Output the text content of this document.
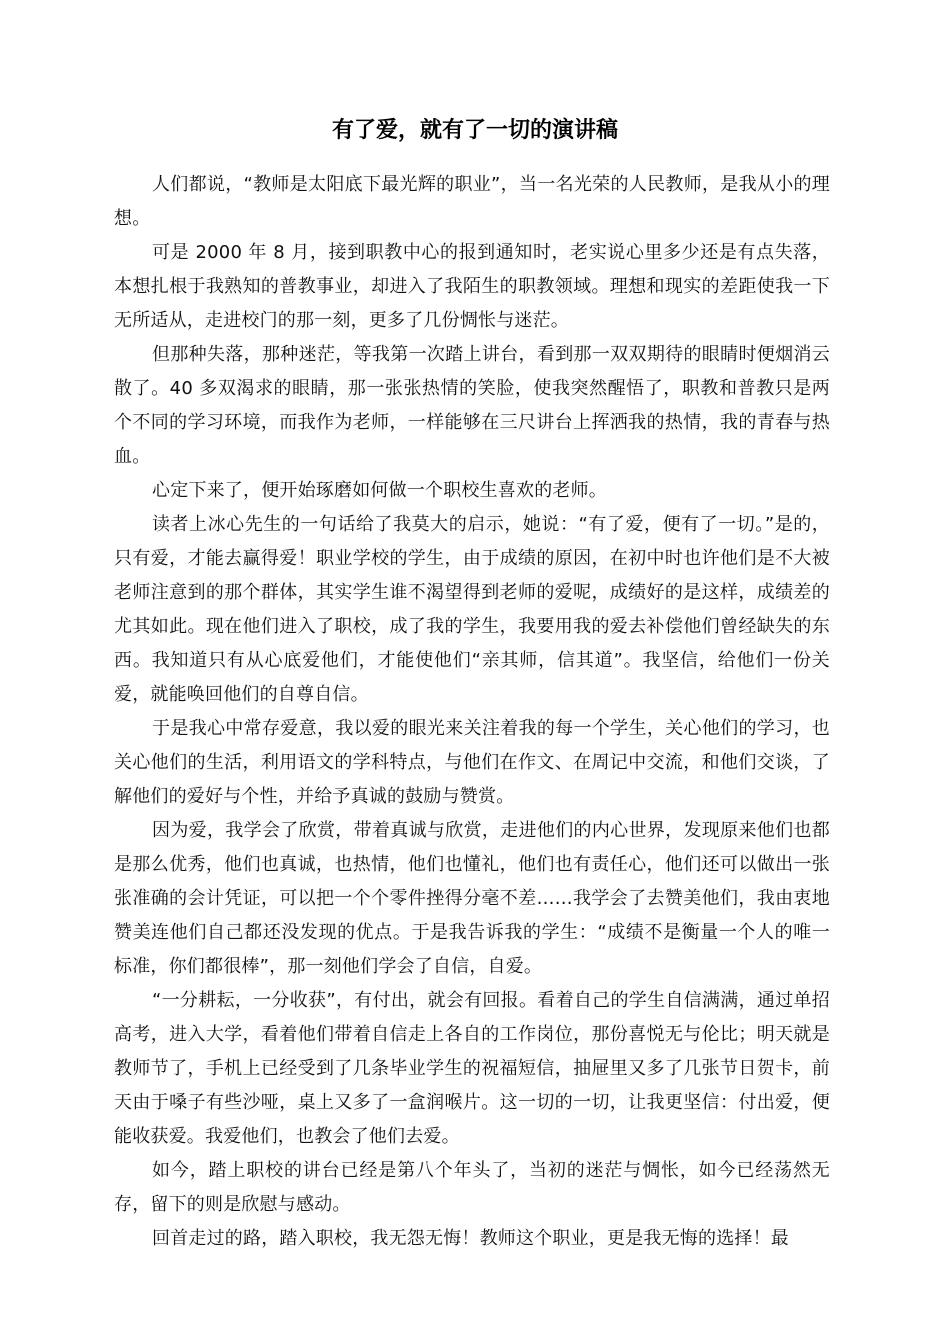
有了爱，就有了一切的演讲稿

人们都说，“教师是太阳底下最光辉的职业”，当一名光荣的人民教师，是我从小的理想。

可是 2000 年 8 月，接到职教中心的报到通知时，老实说心里多少还是有点失落，本想扎根于我熟知的普教事业，却进入了我陌生的职教领域。理想和现实的差距使我一下无所适从，走进校门的那一刻，更多了几份惆怅与迷茫。

但那种失落，那种迷茫，等我第一次踏上讲台，看到那一双双期待的眼睛时便烟消云散了。40 多双渴求的眼睛，那一张张热情的笑脸，使我突然醒悟了，职教和普教只是两个不同的学习环境，而我作为老师，一样能够在三尺讲台上挥洒我的热情，我的青春与热血。

心定下来了，便开始琢磨如何做一个职校生喜欢的老师。

读者上冰心先生的一句话给了我莫大的启示，她说：“有了爱，便有了一切。”是的，只有爱，才能去赢得爱！职业学校的学生，由于成绩的原因，在初中时也许他们是不大被老师注意到的那个群体，其实学生谁不渴望得到老师的爱呢，成绩好的是这样，成绩差的尤其如此。现在他们进入了职校，成了我的学生，我要用我的爱去补偿他们曾经缺失的东西。我知道只有从心底爱他们，才能使他们“亲其师，信其道”。我坚信，给他们一份关爱，就能唤回他们的自尊自信。

于是我心中常存爱意，我以爱的眼光来关注着我的每一个学生，关心他们的学习，也关心他们的生活，利用语文的学科特点，与他们在作文、在周记中交流，和他们交谈，了解他们的爱好与个性，并给予真诚的鼓励与赞赏。

因为爱，我学会了欣赏，带着真诚与欣赏，走进他们的内心世界，发现原来他们也都是那么优秀，他们也真诚，也热情，他们也懂礼，他们也有责任心，他们还可以做出一张张准确的会计凭证，可以把一个个零件挫得分毫不差……我学会了去赞美他们，我由衷地赞美连他们自己都还没发现的优点。于是我告诉我的学生：“成绩不是衡量一个人的唯一标准，你们都很棒”，那一刻他们学会了自信，自爱。

“一分耕耘，一分收获”，有付出，就会有回报。看着自己的学生自信满满，通过单招高考，进入大学，看着他们带着自信走上各自的工作岗位，那份喜悦无与伦比；明天就是教师节了，手机上已经受到了几条毕业学生的祝福短信，抽屉里又多了几张节日贺卡，前天由于嗓子有些沙哑，桌上又多了一盒润喉片。这一切的一切，让我更坚信：付出爱，便能收获爱。我爱他们，也教会了他们去爱。

如今，踏上职校的讲台已经是第八个年头了，当初的迷茫与惆怅，如今已经荡然无存，留下的则是欣慰与感动。

回首走过的路，踏入职校，我无怨无悔！教师这个职业，更是我无悔的选择！最
